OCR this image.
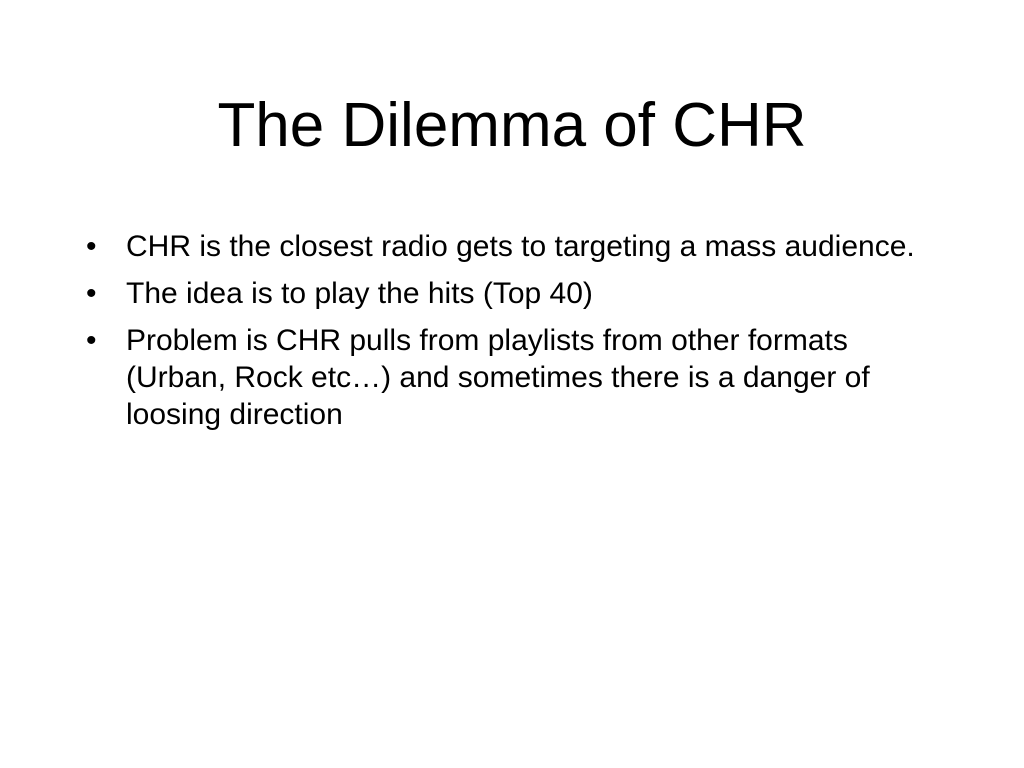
The Dilemma of CHR
• CHR is the closest radio gets to targeting a mass audience.
• The idea is to play the hits (Top 40)
• Problem is CHR pulls from playlists from other formats (Urban, Rock etc…) and sometimes there is a danger of loosing direction
